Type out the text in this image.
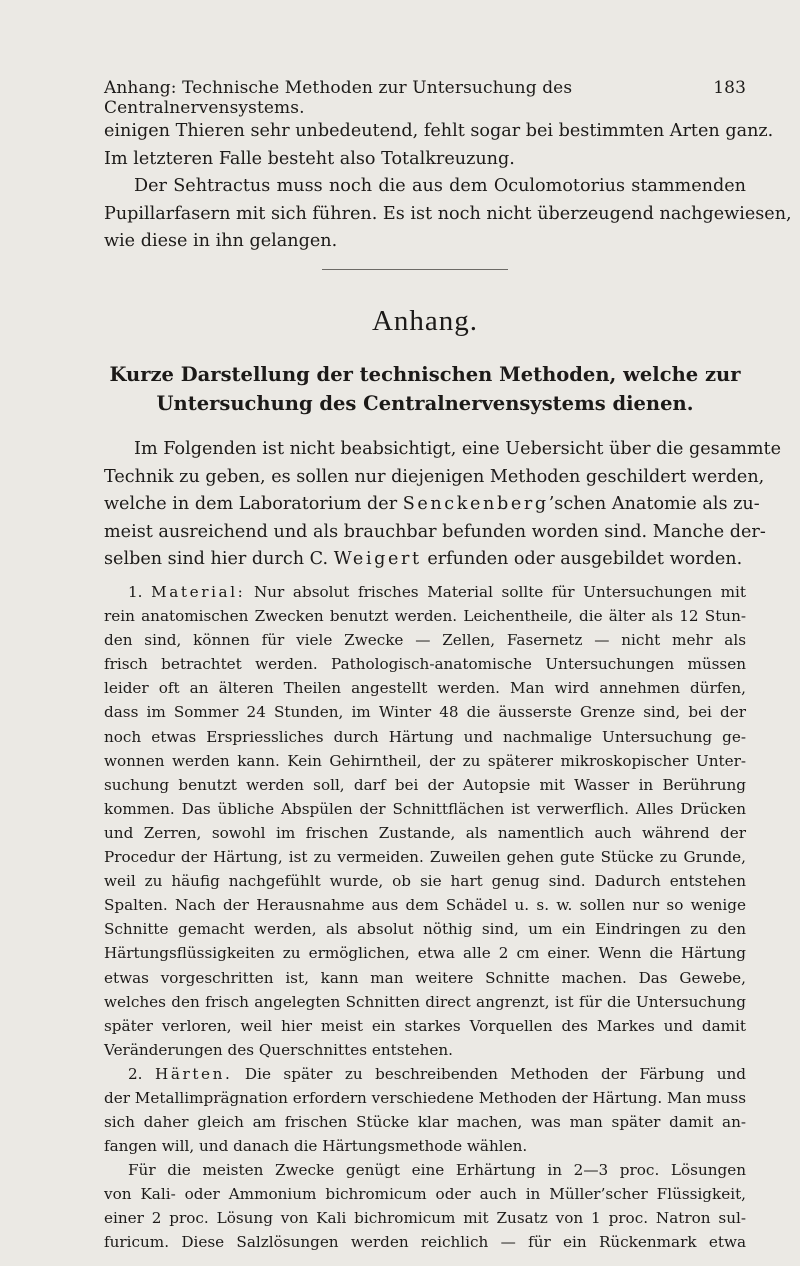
Anhang: Technische Methoden zur Untersuchung des Centralnervensystems.
183

einigen Thieren sehr unbedeutend, fehlt sogar bei bestimmten Arten ganz.
Im letzteren Falle besteht also Totalkreuzung.

Der Sehtractus muss noch die aus dem Oculomotorius stammenden
Pupillarfasern mit sich führen. Es ist noch nicht überzeugend nachgewiesen,
wie diese in ihn gelangen.

Anhang.
Kurze Darstellung der technischen Methoden, welche zur
Untersuchung des Centralnervensystems dienen.

Im Folgenden ist nicht beabsichtigt, eine Uebersicht über die gesammte
Technik zu geben, es sollen nur diejenigen Methoden geschildert werden,
welche in dem Laboratorium der Senckenberg’schen Anatomie als zu-
meist ausreichend und als brauchbar befunden worden sind. Manche der-
selben sind hier durch C. Weigert erfunden oder ausgebildet worden.

1. Material: Nur absolut frisches Material sollte für Untersuchungen mit
rein anatomischen Zwecken benutzt werden. Leichentheile, die älter als 12 Stun-
den sind, können für viele Zwecke — Zellen, Fasernetz — nicht mehr als
frisch betrachtet werden. Pathologisch-anatomische Untersuchungen müssen
leider oft an älteren Theilen angestellt werden. Man wird annehmen dürfen,
dass im Sommer 24 Stunden, im Winter 48 die äusserste Grenze sind, bei der
noch etwas Erspriessliches durch Härtung und nachmalige Untersuchung ge-
wonnen werden kann. Kein Gehirntheil, der zu späterer mikroskopischer Unter-
suchung benutzt werden soll, darf bei der Autopsie mit Wasser in Berührung
kommen. Das übliche Abspülen der Schnittflächen ist verwerflich. Alles Drücken
und Zerren, sowohl im frischen Zustande, als namentlich auch während der
Procedur der Härtung, ist zu vermeiden. Zuweilen gehen gute Stücke zu Grunde,
weil zu häufig nachgefühlt wurde, ob sie hart genug sind. Dadurch entstehen
Spalten. Nach der Herausnahme aus dem Schädel u. s. w. sollen nur so wenige
Schnitte gemacht werden, als absolut nöthig sind, um ein Eindringen zu den
Härtungsflüssigkeiten zu ermöglichen, etwa alle 2 cm einer. Wenn die Härtung
etwas vorgeschritten ist, kann man weitere Schnitte machen. Das Gewebe,
welches den frisch angelegten Schnitten direct angrenzt, ist für die Untersuchung
später verloren, weil hier meist ein starkes Vorquellen des Markes und damit
Veränderungen des Querschnittes entstehen.

2. Härten. Die später zu beschreibenden Methoden der Färbung und
der Metallimprägnation erfordern verschiedene Methoden der Härtung. Man muss
sich daher gleich am frischen Stücke klar machen, was man später damit an-
fangen will, und danach die Härtungsmethode wählen.

Für die meisten Zwecke genügt eine Erhärtung in 2—3 proc. Lösungen
von Kali- oder Ammonium bichromicum oder auch in Müller’scher Flüssigkeit,
einer 2 proc. Lösung von Kali bichromicum mit Zusatz von 1 proc. Natron sul-
furicum. Diese Salzlösungen werden reichlich — für ein Rückenmark etwa
